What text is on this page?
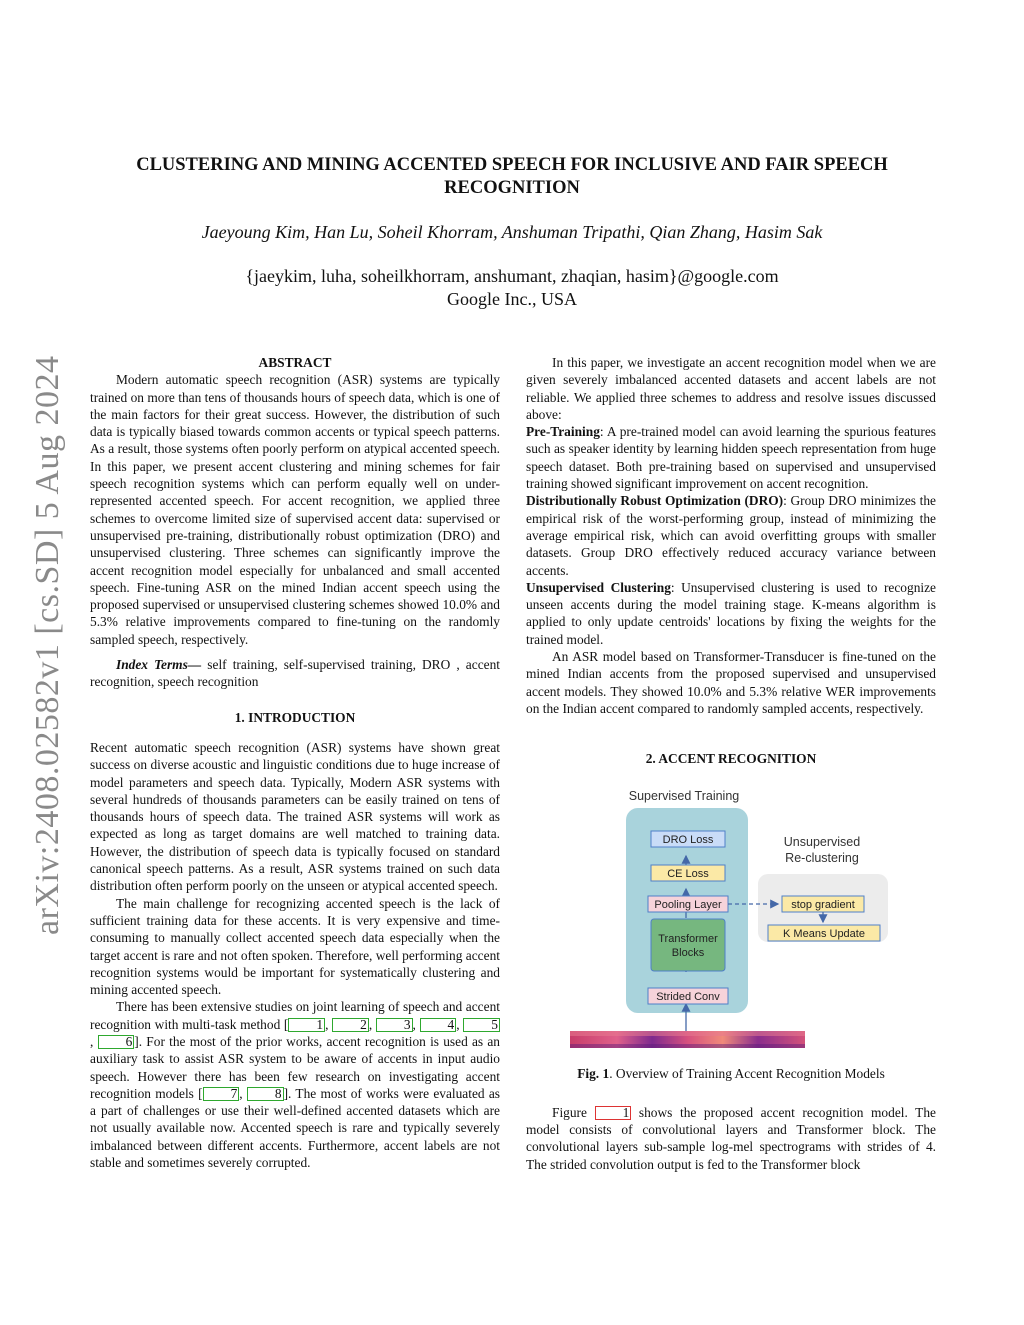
arXiv:2408.02582v1 [cs.SD] 5 Aug 2024
CLUSTERING AND MINING ACCENTED SPEECH FOR INCLUSIVE AND FAIR SPEECH RECOGNITION
Jaeyoung Kim, Han Lu, Soheil Khorram, Anshuman Tripathi, Qian Zhang, Hasim Sak
{jaeykim, luha, soheilkhorram, anshumant, zhaqian, hasim}@google.com
Google Inc., USA
ABSTRACT

Modern automatic speech recognition (ASR) systems are typically trained on more than tens of thousands hours of speech data, which is one of the main factors for their great success. However, the distribution of such data is typically biased towards common accents or typical speech patterns. As a result, those systems often poorly perform on atypical accented speech. In this paper, we present accent clustering and mining schemes for fair speech recognition systems which can perform equally well on under-represented accented speech. For accent recognition, we applied three schemes to overcome limited size of supervised accent data: supervised or unsupervised pre-training, distributionally robust optimization (DRO) and unsupervised clustering. Three schemes can significantly improve the accent recognition model especially for unbalanced and small accented speech. Fine-tuning ASR on the mined Indian accent speech using the proposed supervised or unsupervised clustering schemes showed 10.0% and 5.3% relative improvements compared to fine-tuning on the randomly sampled speech, respectively.

Index Terms— self training, self-supervised training, DRO , accent recognition, speech recognition

1. INTRODUCTION

Recent automatic speech recognition (ASR) systems have shown great success on diverse acoustic and linguistic conditions due to huge increase of model parameters and speech data. Typically, Modern ASR systems with several hundreds of thousands parameters can be easily trained on tens of thousands hours of speech data. The trained ASR systems will work as expected as long as target domains are well matched to training data. However, the distribution of speech data is typically focused on standard canonical speech patterns. As a result, ASR systems trained on such data distribution often perform poorly on the unseen or atypical accented speech.

The main challenge for recognizing accented speech is the lack of sufficient training data for these accents. It is very expensive and time-consuming to manually collect accented speech data especially when the target accent is rare and not often spoken. Therefore, well performing accent recognition systems would be important for systematically clustering and mining accented speech.

There has been extensive studies on joint learning of speech and accent recognition with multi-task method [ 1 , 2 , 3 , 4 , 5, 6 ]. For the most of the prior works, accent recognition is used as an auxiliary task to assist ASR system to be aware of accents in input audio speech. However there has been few research on investigating accent recognition models [ 7 , 8 ]. The most of works were evaluated as a part of challenges or use their well-defined accented datasets which are not usually available now. Accented speech is rare and typically severely imbalanced between different accents. Furthermore, accent labels are not stable and sometimes severely corrupted.

In this paper, we investigate an accent recognition model when we are given severely imbalanced accented datasets and accent labels are not reliable. We applied three schemes to address and resolve issues discussed above:

Pre-Training: A pre-trained model can avoid learning the spurious features such as speaker identity by learning hidden speech representation from huge speech dataset. Both pre-training based on supervised and unsupervised training showed significant improvement on accent recognition.

Distributionally Robust Optimization (DRO): Group DRO minimizes the empirical risk of the worst-performing group, instead of minimizing the average empirical risk, which can avoid overfitting groups with smaller datasets. Group DRO effectively reduced accuracy variance between accents.

Unsupervised Clustering: Unsupervised clustering is used to recognize unseen accents during the model training stage. K-means algorithm is applied to only update centroids' locations by fixing the weights for the trained model.

An ASR model based on Transformer-Transducer is fine-tuned on the mined Indian accents from the proposed supervised and unsupervised accent models. They showed 10.0% and 5.3% relative WER improvements on the Indian accent compared to randomly sampled accents, respectively.

2. ACCENT RECOGNITION
Supervised Training
Unsupervised
Re-clustering
DRO Loss
CE Loss
Pooling Layer
Transformer
Blocks
Strided Conv
stop gradient
K Means Update

Fig. 1. Overview of Training Accent Recognition Models

Figure 1 shows the proposed accent recognition model. The model consists of convolutional layers and Transformer block. The convolutional layers sub-sample log-mel spectrograms with strides of 4. The strided convolution output is fed to the Transformer block
